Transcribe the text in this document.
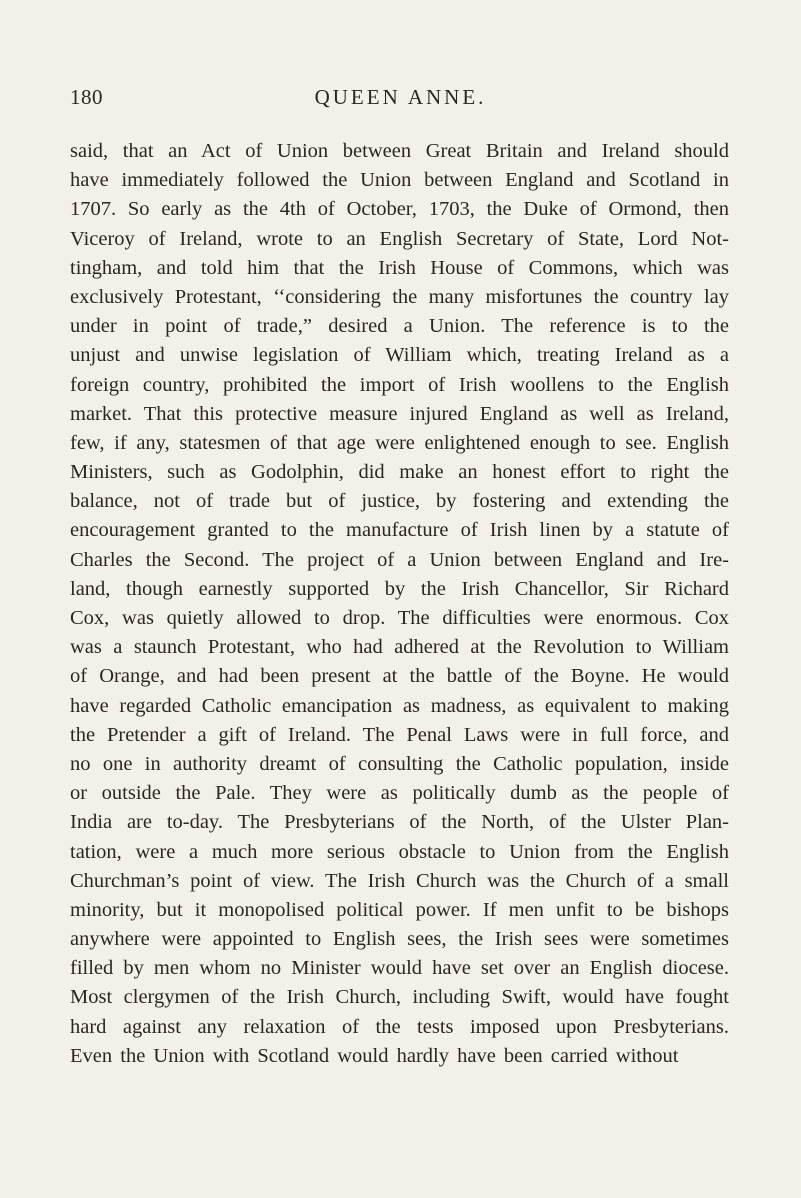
180	QUEEN ANNE.
said, that an Act of Union between Great Britain and Ireland should
have immediately followed the Union between England and Scotland in
1707. So early as the 4th of October, 1703, the Duke of Ormond, then
Viceroy of Ireland, wrote to an English Secretary of State, Lord Not-
tingham, and told him that the Irish House of Commons, which was
exclusively Protestant, ‘‘considering the many misfortunes the country lay
under in point of trade,” desired a Union. The reference is to the
unjust and unwise legislation of William which, treating Ireland as a
foreign country, prohibited the import of Irish woollens to the English
market. That this protective measure injured England as well as Ireland,
few, if any, statesmen of that age were enlightened enough to see. English
Ministers, such as Godolphin, did make an honest effort to right the
balance, not of trade but of justice, by fostering and extending the
encouragement granted to the manufacture of Irish linen by a statute of
Charles the Second. The project of a Union between England and Ire-
land, though earnestly supported by the Irish Chancellor, Sir Richard
Cox, was quietly allowed to drop. The difficulties were enormous. Cox
was a staunch Protestant, who had adhered at the Revolution to William
of Orange, and had been present at the battle of the Boyne. He would
have regarded Catholic emancipation as madness, as equivalent to making
the Pretender a gift of Ireland. The Penal Laws were in full force, and
no one in authority dreamt of consulting the Catholic population, inside
or outside the Pale. They were as politically dumb as the people of
India are to-day. The Presbyterians of the North, of the Ulster Plan-
tation, were a much more serious obstacle to Union from the English
Churchman’s point of view. The Irish Church was the Church of a small
minority, but it monopolised political power. If men unfit to be bishops
anywhere were appointed to English sees, the Irish sees were sometimes
filled by men whom no Minister would have set over an English diocese.
Most clergymen of the Irish Church, including Swift, would have fought
hard against any relaxation of the tests imposed upon Presbyterians.
Even the Union with Scotland would hardly have been carried without
